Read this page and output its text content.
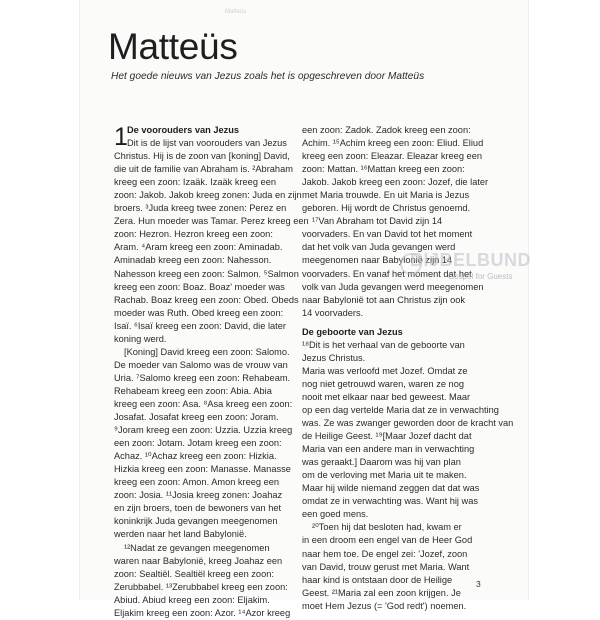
Matteüs
Matteüs

Het goede nieuws van Jezus zoals het is opgeschreven door Matteüs

1 De voorouders van Jezus
Dit is de lijst van voorouders van Jezus
Christus. Hij is de zoon van [koning] David,
die uit de familie van Abraham is. ²Abraham
kreeg een zoon: Izaäk. Izaäk kreeg een
zoon: Jakob. Jakob kreeg zonen: Juda en zijn
broers. ³Juda kreeg twee zonen: Perez en
Zera. Hun moeder was Tamar. Perez kreeg een
zoon: Hezron. Hezron kreeg een zoon:
Aram. ⁴Aram kreeg een zoon: Aminadab.
Aminadab kreeg een zoon: Nahesson.
Nahesson kreeg een zoon: Salmon. ⁵Salmon
kreeg een zoon: Boaz. Boaz' moeder was
Rachab. Boaz kreeg een zoon: Obed. Obeds
moeder was Ruth. Obed kreeg een zoon:
Isaï. ⁶Isaï kreeg een zoon: David, die later
koning werd.
[Koning] David kreeg een zoon: Salomo.
De moeder van Salomo was de vrouw van
Uria. ⁷Salomo kreeg een zoon: Rehabeam.
Rehabeam kreeg een zoon: Abia. Abia
kreeg een zoon: Asa. ⁸Asa kreeg een zoon:
Josafat. Josafat kreeg een zoon: Joram.
⁹Joram kreeg een zoon: Uzzia. Uzzia kreeg
een zoon: Jotam. Jotam kreeg een zoon:
Achaz. ¹⁰Achaz kreeg een zoon: Hizkia.
Hizkia kreeg een zoon: Manasse. Manasse
kreeg een zoon: Amon. Amon kreeg een
zoon: Josia. ¹¹Josia kreeg zonen: Joahaz
en zijn broers, toen de bewoners van het
koninkrijk Juda gevangen meegenomen
werden naar het land Babylonië.
¹²Nadat ze gevangen meegenomen
waren naar Babylonië, kreeg Joahaz een
zoon: Sealtiël. Sealtiël kreeg een zoon:
Zerubbabel. ¹³Zerubbabel kreeg een zoon:
Abiud. Abiud kreeg een zoon: Eljakim.
Eljakim kreeg een zoon: Azor. ¹⁴Azor kreeg
een zoon: Zadok. Zadok kreeg een zoon:
Achim. ¹⁵Achim kreeg een zoon: Eliud. Eliud
kreeg een zoon: Eleazar. Eleazar kreeg een
zoon: Mattan. ¹⁶Mattan kreeg een zoon:
Jakob. Jakob kreeg een zoon: Jozef, die later
met Maria trouwde. En uit Maria is Jezus
geboren. Hij wordt de Christus genoemd.
¹⁷Van Abraham tot David zijn 14
voorvaders. En van David tot het moment
dat het volk van Juda gevangen werd
meegenomen naar Babylonië zijn 14
voorvaders. En vanaf het moment dat het
volk van Juda gevangen werd meegenomen
naar Babylonië tot aan Christus zijn ook
14 voorvaders.
De geboorte van Jezus
¹⁸Dit is het verhaal van de geboorte van
Jezus Christus.
Maria was verloofd met Jozef. Omdat ze
nog niet getrouwd waren, waren ze nog
nooit met elkaar naar bed geweest. Maar
op een dag vertelde Maria dat ze in verwachting
was. Ze was zwanger geworden door de kracht van
de Heilige Geest. ¹⁹[Maar Jozef dacht dat
Maria van een andere man in verwachting
was geraakt.] Daarom was hij van plan
om de verloving met Maria uit te maken.
Maar hij wilde niemand zeggen dat dat was
omdat ze in verwachting was. Want hij was
een goed mens.
²⁰Toen hij dat besloten had, kwam er
in een droom een engel van de Heer God
naar hem toe. De engel zei: 'Jozef, zoon
van David, trouw gerust met Maria. Want
haar kind is ontstaan door de Heilige
Geest. ²¹Maria zal een zoon krijgen. Je
moet Hem Jezus (= 'God redt') noemen.
BIJBELBUND
Gospel for Guests
3
